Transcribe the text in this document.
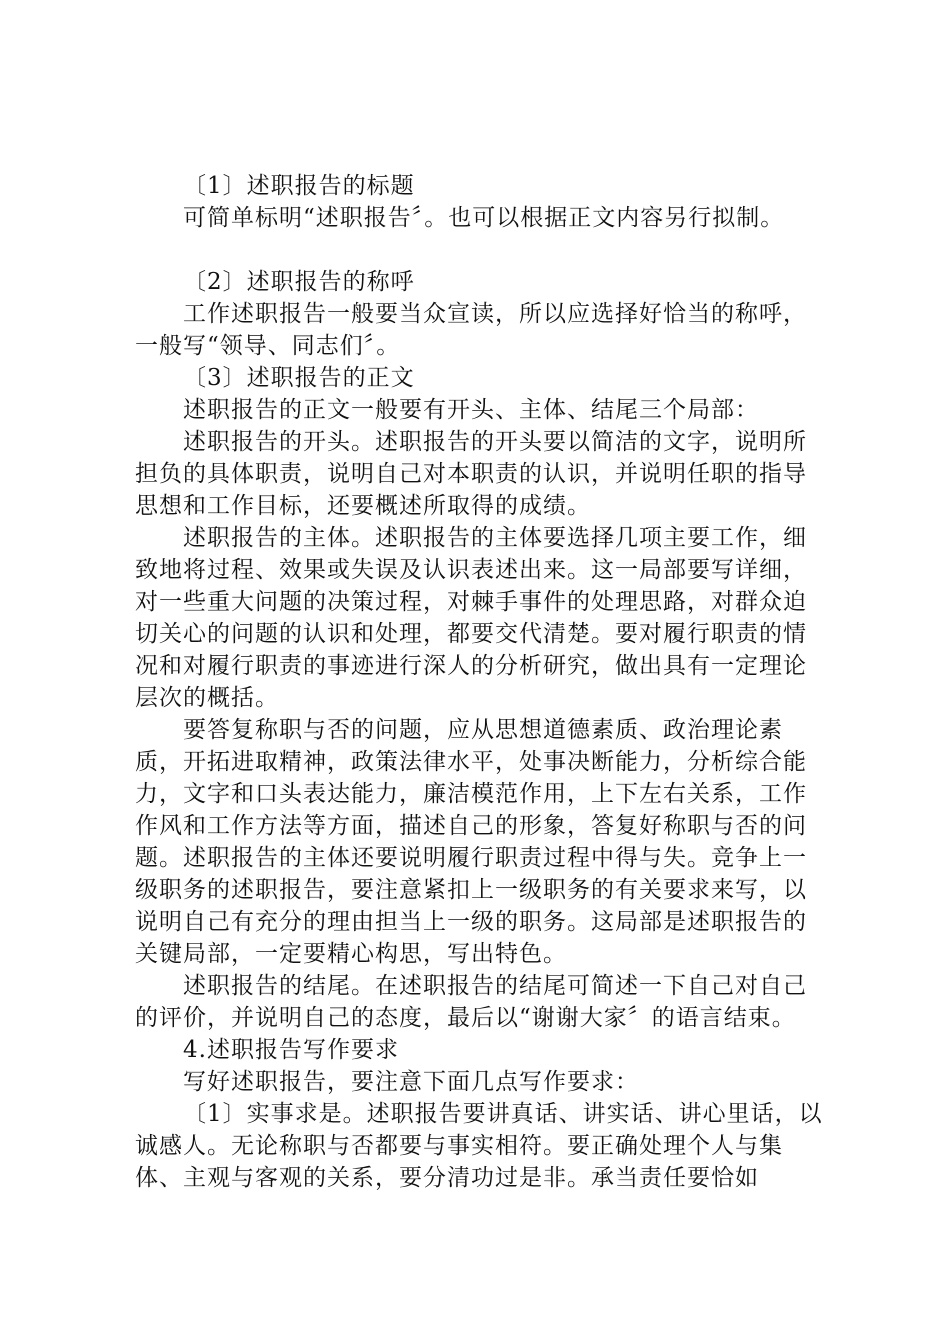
〔1〕述职报告的标题

可简单标明“述职报告〞。也可以根据正文内容另行拟制。

〔2〕述职报告的称呼

工作述职报告一般要当众宣读，所以应选择好恰当的称呼，一般写“领导、同志们〞。

〔3〕述职报告的正文

述职报告的正文一般要有开头、主体、结尾三个局部：

述职报告的开头。述职报告的开头要以简洁的文字，说明所担负的具体职责，说明自己对本职责的认识，并说明任职的指导思想和工作目标，还要概述所取得的成绩。

述职报告的主体。述职报告的主体要选择几项主要工作，细致地将过程、效果或失误及认识表述出来。这一局部要写详细，对一些重大问题的决策过程，对棘手事件的处理思路，对群众迫切关心的问题的认识和处理，都要交代清楚。要对履行职责的情况和对履行职责的事迹进行深人的分析研究，做出具有一定理论层次的概括。

要答复称职与否的问题，应从思想道德素质、政治理论素质，开拓进取精神，政策法律水平，处事决断能力，分析综合能力，文字和口头表达能力，廉洁模范作用，上下左右关系，工作作风和工作方法等方面，描述自己的形象，答复好称职与否的问题。述职报告的主体还要说明履行职责过程中得与失。竞争上一级职务的述职报告，要注意紧扣上一级职务的有关要求来写，以说明自己有充分的理由担当上一级的职务。这局部是述职报告的关键局部，一定要精心构思，写出特色。

述职报告的结尾。在述职报告的结尾可简述一下自己对自己的评价，并说明自己的态度，最后以“谢谢大家〞的语言结束。

4.述职报告写作要求

写好述职报告，要注意下面几点写作要求：

〔1〕实事求是。述职报告要讲真话、讲实话、讲心里话，以诚感人。无论称职与否都要与事实相符。要正确处理个人与集体、主观与客观的关系，要分清功过是非。承当责任要恰如
